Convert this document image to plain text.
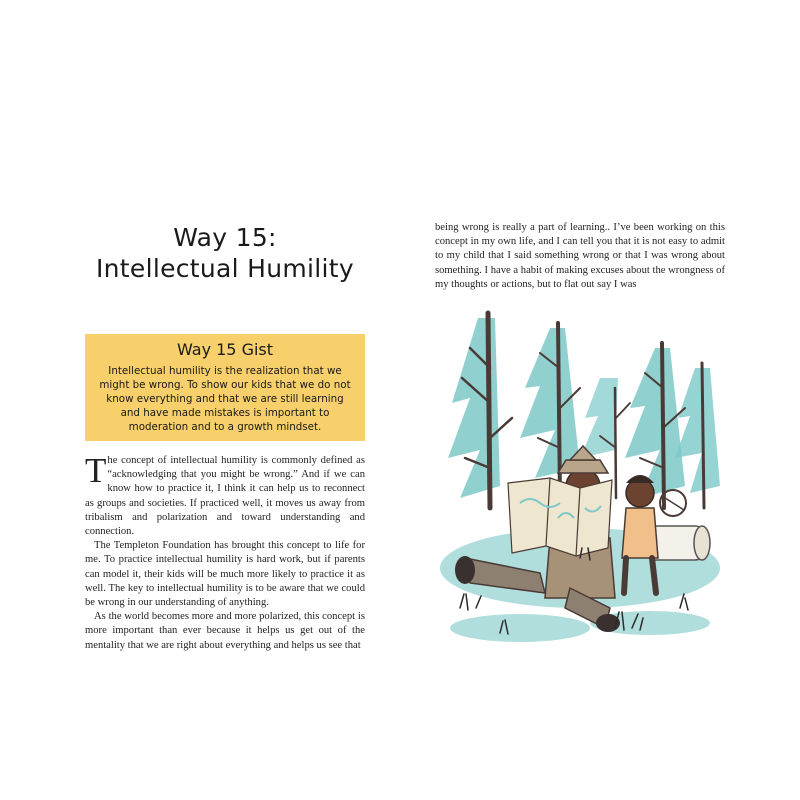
Way 15:
Intellectual Humility
Way 15 Gist
Intellectual humility is the realization that we might be wrong. To show our kids that we do not know everything and that we are still learning and have made mistakes is important to moderation and to a growth mindset.

The concept of intellectual humility is commonly defined as “acknowledging that you might be wrong.” And if we can know how to practice it, I think it can help us to reconnect as groups and societies. If practiced well, it moves us away from tribalism and polarization and toward understanding and connection.

The Templeton Foundation has brought this concept to life for me. To practice intellectual humility is hard work, but if parents can model it, their kids will be much more likely to practice it as well. The key to intellectual humility is to be aware that we could be wrong in our understanding of anything.

As the world becomes more and more polarized, this concept is more important than ever because it helps us get out of the mentality that we are right about everything and helps us see that

being wrong is really a part of learning.. I’ve been working on this concept in my own life, and I can tell you that it is not easy to admit to my child that I said something wrong or that I was wrong about something. I have a habit of making excuses about the wrongness of my thoughts or actions, but to flat out say I was
